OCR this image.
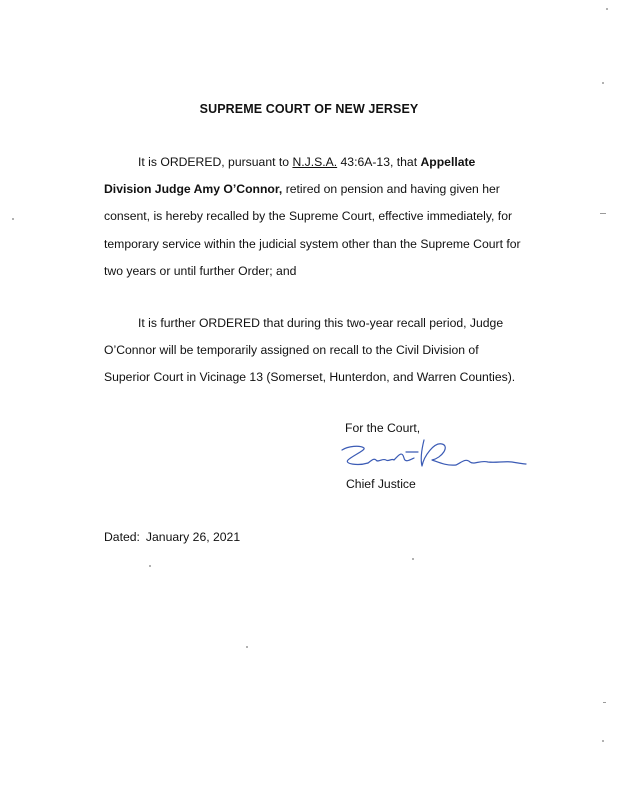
SUPREME COURT OF NEW JERSEY
It is ORDERED, pursuant to N.J.S.A. 43:6A-13, that Appellate Division Judge Amy O’Connor, retired on pension and having given her consent, is hereby recalled by the Supreme Court, effective immediately, for temporary service within the judicial system other than the Supreme Court for two years or until further Order; and
It is further ORDERED that during this two-year recall period, Judge O’Connor will be temporarily assigned on recall to the Civil Division of Superior Court in Vicinage 13 (Somerset, Hunterdon, and Warren Counties).
For the Court,
Chief Justice
Dated: January 26, 2021
